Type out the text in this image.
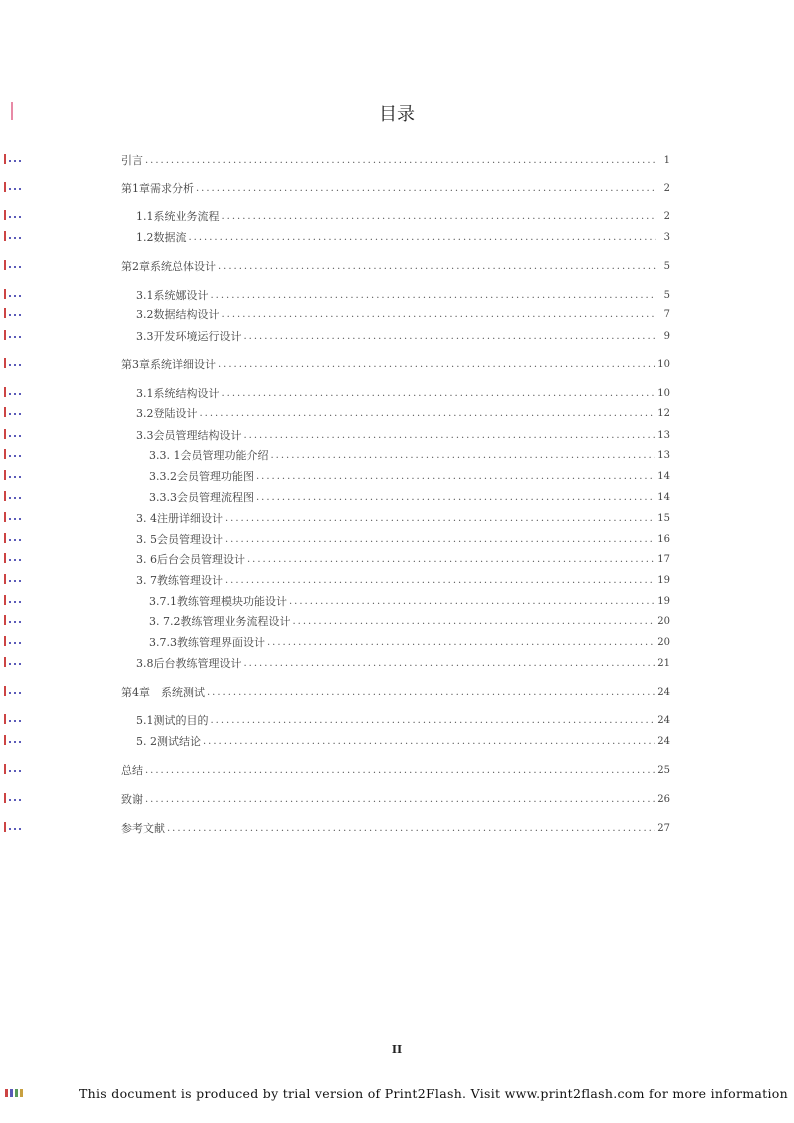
目录
引言 .....	1
第1章需求分析 .....	2
1.1系统业务流程 .....	2
1.2数据流 .....	3
第2章系统总体设计 .....	5
3.1系统娜设计 .....	5
3.2数据结构设计 .....	7
3.3开发环境运行设计 .....	9
第3章系统详细设计 .....	10
3.1系统结构设计 .....	10
3.2登陆设计 .....	12
3.3会员管理结构设计 .....	13
3.3. 1会员管理功能介绍 .....	13
3.3.2会员管理功能图 .....	14
3.3.3会员管理流程图 .....	14
3. 4注册详细设计 .....	15
3. 5会员管理设计 .....	16
3. 6后台会员管理设计 .....	17
3. 7教练管理设计 .....	19
3.7.1教练管理模块功能设计 .....	19
3. 7.2教练管理业务流程设计 .....	20
3.7.3教练管理界面设计 .....	20
3.8后台教练管理设计 .....	21
第4章　系统测试 .....	24
5.1测试的目的 .....	24
5. 2测试结论 .....	24
总结 .....	25
致谢 .....	26
参考文献 .....	27
II
This document is produced by trial version of Print2Flash. Visit www.print2flash.com for more information
